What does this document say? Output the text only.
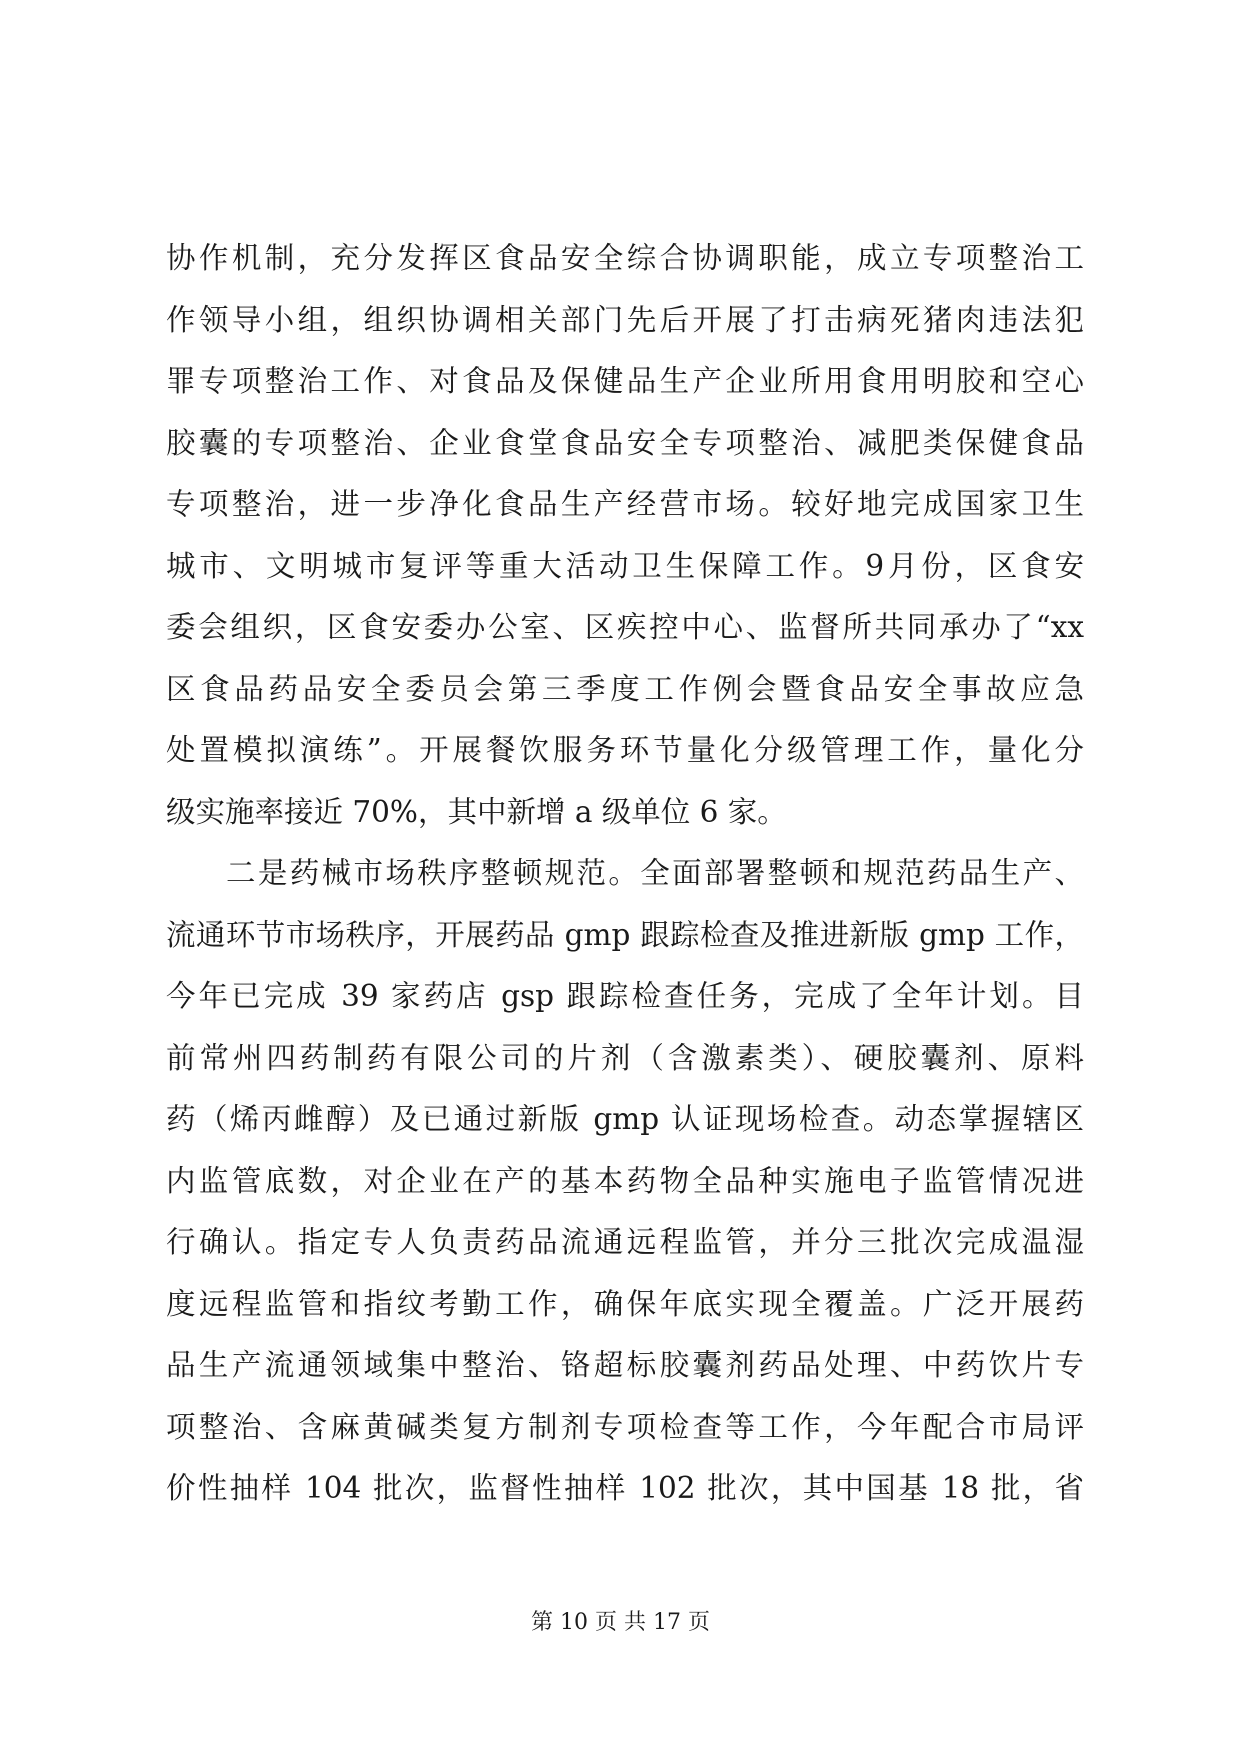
协作机制，充分发挥区食品安全综合协调职能，成立专项整治工
作领导小组，组织协调相关部门先后开展了打击病死猪肉违法犯
罪专项整治工作、对食品及保健品生产企业所用食用明胶和空心
胶囊的专项整治、企业食堂食品安全专项整治、减肥类保健食品
专项整治，进一步净化食品生产经营市场。较好地完成国家卫生
城市、文明城市复评等重大活动卫生保障工作。9月份，区食安
委会组织，区食安委办公室、区疾控中心、监督所共同承办了“xx
区食品药品安全委员会第三季度工作例会暨食品安全事故应急
处置模拟演练”。开展餐饮服务环节量化分级管理工作，量化分
级实施率接近 70%，其中新增 a 级单位 6 家。
二是药械市场秩序整顿规范。全面部署整顿和规范药品生产、
流通环节市场秩序，开展药品 gmp 跟踪检查及推进新版 gmp 工作，
今年已完成 39 家药店 gsp 跟踪检查任务，完成了全年计划。目
前常州四药制药有限公司的片剂（含激素类）、硬胶囊剂、原料
药（烯丙雌醇）及已通过新版 gmp 认证现场检查。动态掌握辖区
内监管底数，对企业在产的基本药物全品种实施电子监管情况进
行确认。指定专人负责药品流通远程监管，并分三批次完成温湿
度远程监管和指纹考勤工作，确保年底实现全覆盖。广泛开展药
品生产流通领域集中整治、铬超标胶囊剂药品处理、中药饮片专
项整治、含麻黄碱类复方制剂专项检查等工作，今年配合市局评
价性抽样 104 批次，监督性抽样 102 批次，其中国基 18 批，省
第 10 页 共 17 页
